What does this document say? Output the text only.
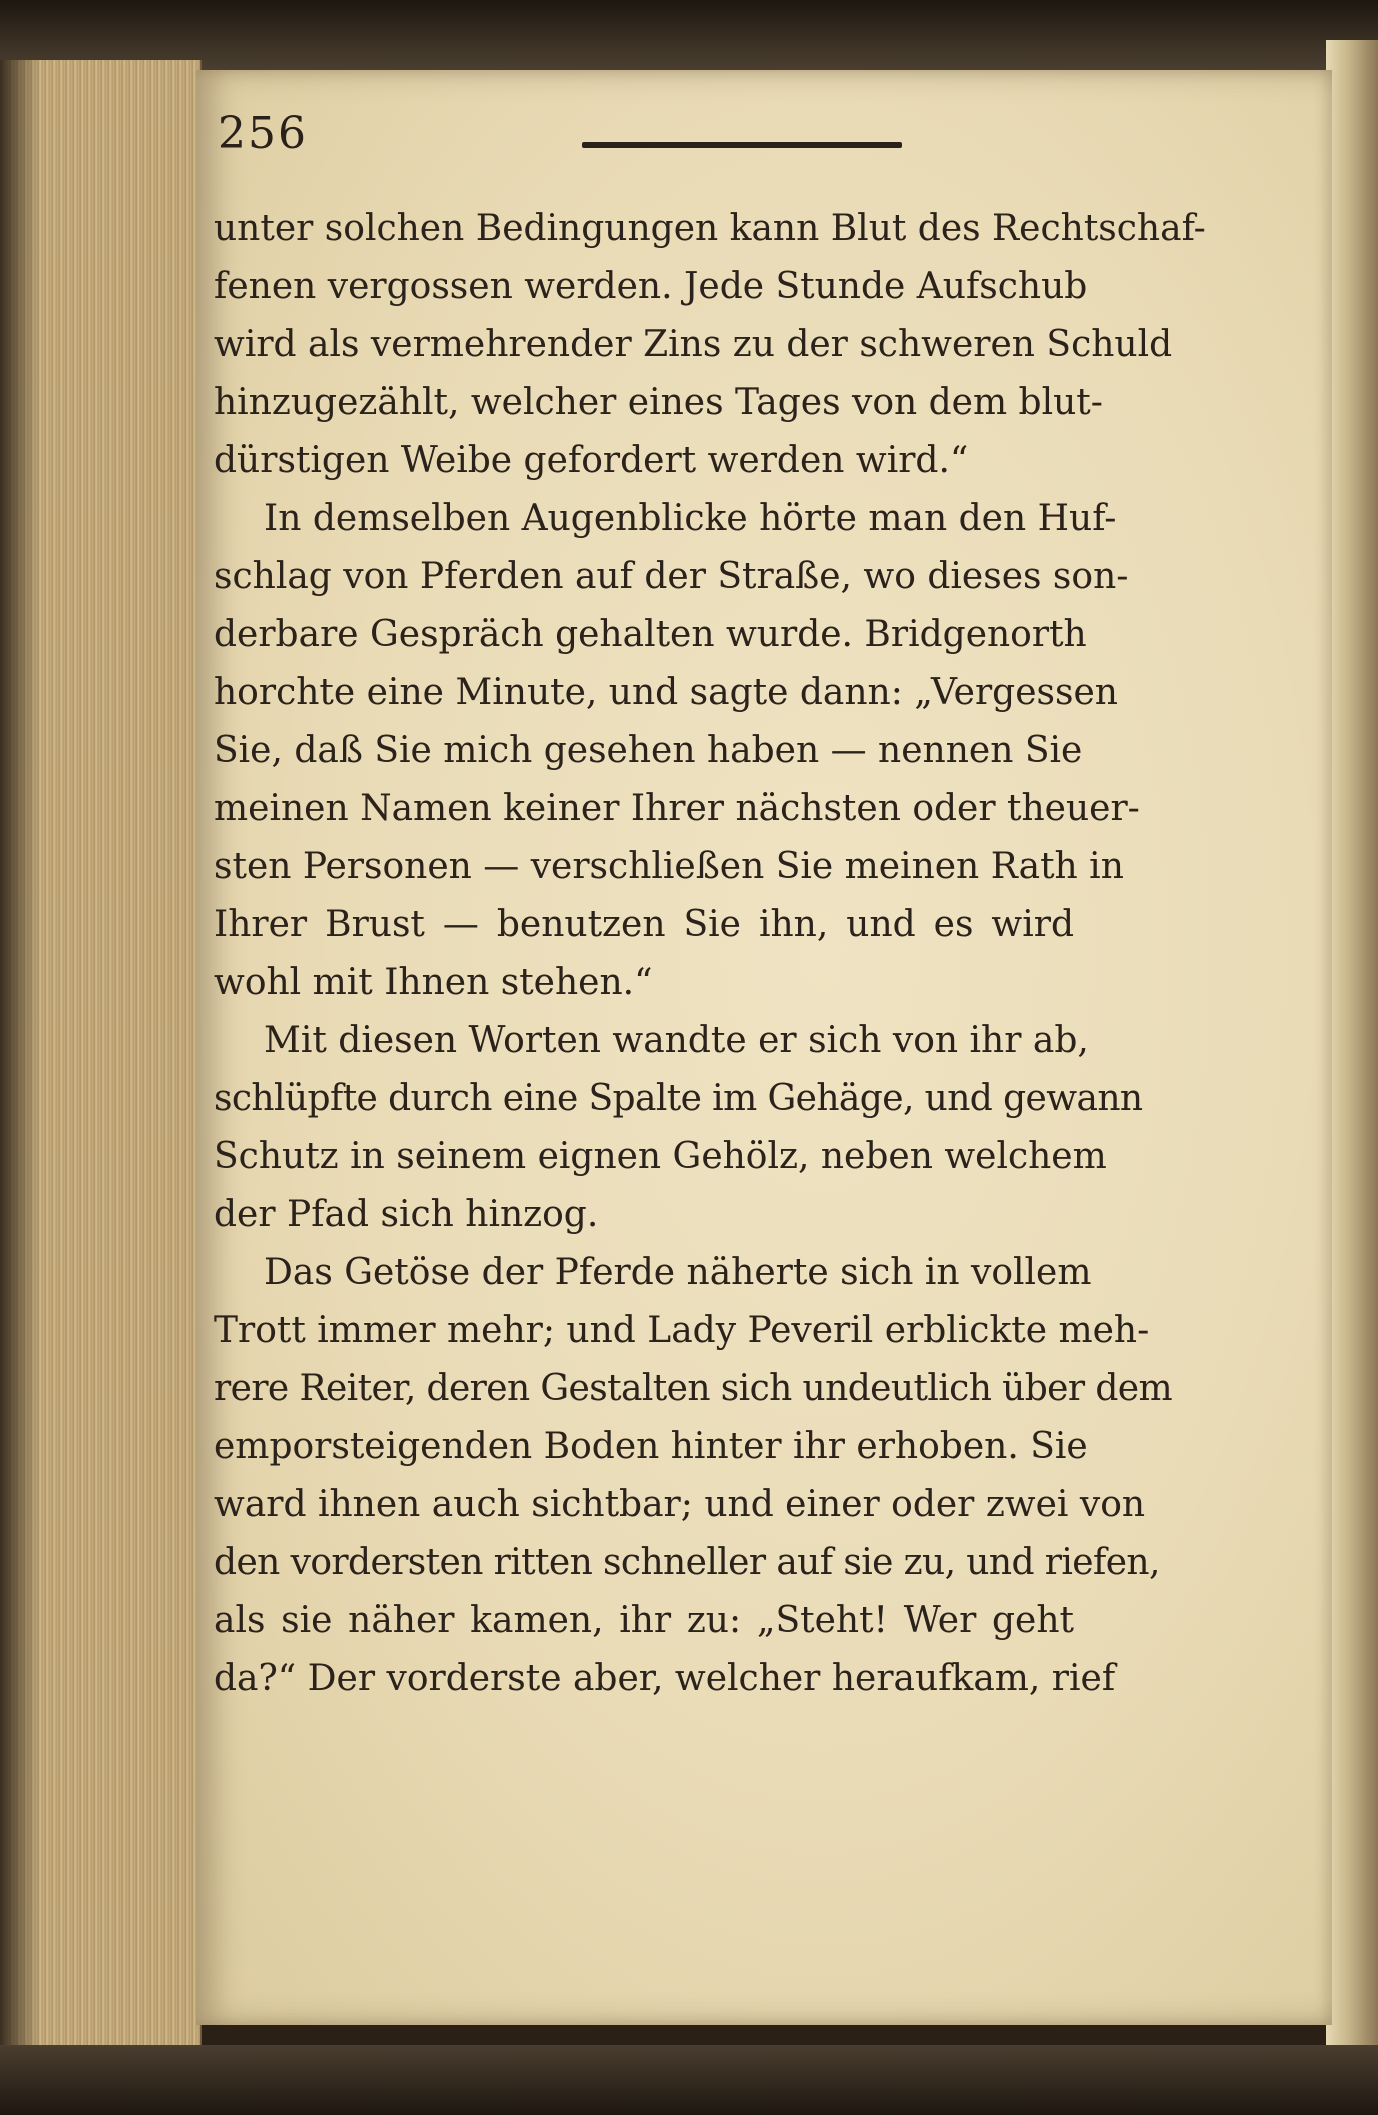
256
unter solchen Bedingungen kann Blut des Rechtschaf-
fenen vergossen werden. Jede Stunde Aufschub
wird als vermehrender Zins zu der schweren Schuld
hinzugezählt, welcher eines Tages von dem blut-
dürstigen Weibe gefordert werden wird.“
In demselben Augenblicke hörte man den Huf-
schlag von Pferden auf der Straße, wo dieses son-
derbare Gespräch gehalten wurde. Bridgenorth
horchte eine Minute, und sagte dann: „Vergessen
Sie, daß Sie mich gesehen haben — nennen Sie
meinen Namen keiner Ihrer nächsten oder theuer-
sten Personen — verschließen Sie meinen Rath in
Ihrer Brust — benutzen Sie ihn, und es wird
wohl mit Ihnen stehen.“
Mit diesen Worten wandte er sich von ihr ab,
schlüpfte durch eine Spalte im Gehäge, und gewann
Schutz in seinem eignen Gehölz, neben welchem
der Pfad sich hinzog.
Das Getöse der Pferde näherte sich in vollem
Trott immer mehr; und Lady Peveril erblickte meh-
rere Reiter, deren Gestalten sich undeutlich über dem
emporsteigenden Boden hinter ihr erhoben. Sie
ward ihnen auch sichtbar; und einer oder zwei von
den vordersten ritten schneller auf sie zu, und riefen,
als sie näher kamen, ihr zu: „Steht! Wer geht
da?“ Der vorderste aber, welcher heraufkam, rief
